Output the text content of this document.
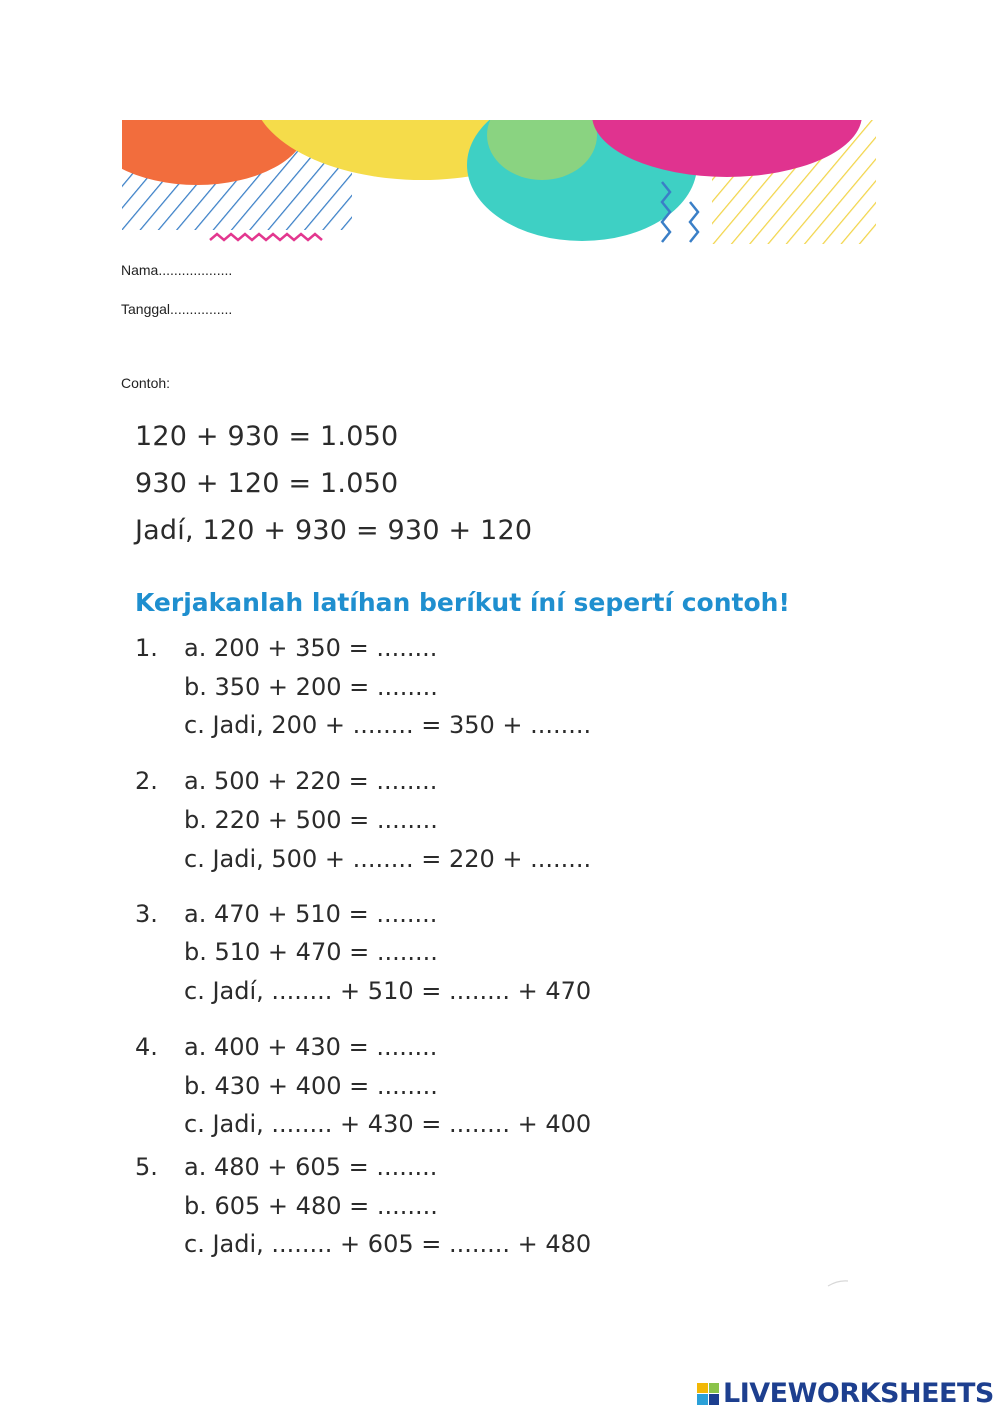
Nama...................
Tanggal................
Contoh:
120 + 930 = 1.050
930 + 120 = 1.050
Jadí, 120 + 930 = 930 + 120
Kerjakanlah latíhan beríkut íní sepertí contoh!
1. a. 200 + 350 = ........
b. 350 + 200 = ........
c. Jadi, 200 + ........ = 350 + ........
2. a. 500 + 220 = ........
b. 220 + 500 = ........
c. Jadi, 500 + ........ = 220 + ........
3. a. 470 + 510 = ........
b. 510 + 470 = ........
c. Jadí, ........ + 510 = ........ + 470
4. a. 400 + 430 = ........
b. 430 + 400 = ........
c. Jadi, ........ + 430 = ........ + 400
5. a. 480 + 605 = ........
b. 605 + 480 = ........
c. Jadi, ........ + 605 = ........ + 480
LIVEWORKSHEETS
